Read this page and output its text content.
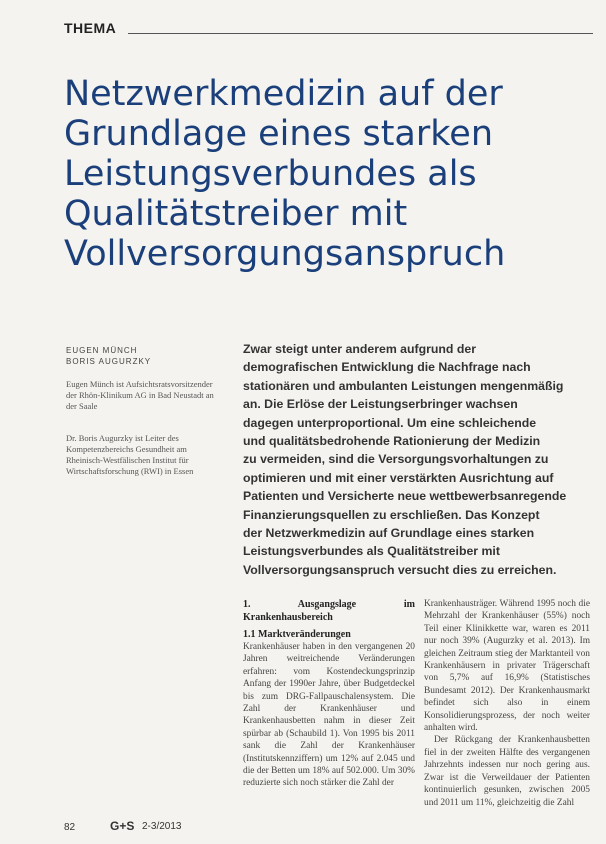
THEMA
Netzwerkmedizin auf der
Grundlage eines starken
Leistungsverbundes als
Qualitätstreiber mit
Vollversorgungsanspruch
EUGEN MÜNCH
BORIS AUGURZKY
Eugen Münch ist Aufsichtsratsvorsitzender der Rhön-Klinikum AG in Bad Neustadt an der Saale
Dr. Boris Augurzky ist Leiter des Kompetenzbereichs Gesundheit am Rheinisch-Westfälischen Institut für Wirtschaftsforschung (RWI) in Essen
Zwar steigt unter anderem aufgrund der
demografischen Entwicklung die Nachfrage nach
stationären und ambulanten Leistungen mengenmäßig
an. Die Erlöse der Leistungserbringer wachsen
dagegen unterproportional. Um eine schleichende
und qualitätsbedrohende Rationierung der Medizin
zu vermeiden, sind die Versorgungsvorhaltungen zu
optimieren und mit einer verstärkten Ausrichtung auf
Patienten und Versicherte neue wettbewerbsanregende
Finanzierungsquellen zu erschließen. Das Konzept
der Netzwerkmedizin auf Grundlage eines starken
Leistungsverbundes als Qualitätstreiber mit
Vollversorgungsanspruch versucht dies zu erreichen.
1. Ausgangslage im Krankenhausbereich
1.1 Marktveränderungen

Krankenhäuser haben in den vergangenen 20 Jahren weitreichende Veränderungen erfahren: vom Kostendeckungsprinzip Anfang der 1990er Jahre, über Budgetdeckel bis zum DRG-Fallpauschalensystem. Die Zahl der Krankenhäuser und Krankenhausbetten nahm in dieser Zeit spürbar ab (Schaubild 1). Von 1995 bis 2011 sank die Zahl der Krankenhäuser (Institutskennziffern) um 12% auf 2.045 und die der Betten um 18% auf 502.000. Um 30% reduzierte sich noch stärker die Zahl der

Krankenhausträger. Während 1995 noch die Mehrzahl der Krankenhäuser (55%) noch Teil einer Klinikkette war, waren es 2011 nur noch 39% (Augurzky et al. 2013). Im gleichen Zeitraum stieg der Marktanteil von Krankenhäusern in privater Trägerschaft von 5,7% auf 16,9% (Statistisches Bundesamt 2012). Der Krankenhausmarkt befindet sich also in einem Konsolidierungsprozess, der noch weiter anhalten wird.

Der Rückgang der Krankenhausbetten fiel in der zweiten Hälfte des vergangenen Jahrzehnts indessen nur noch gering aus. Zwar ist die Verweildauer der Patienten kontinuierlich gesunken, zwischen 2005 und 2011 um 11%, gleichzeitig die Zahl

82	G+S 2-3/2013
